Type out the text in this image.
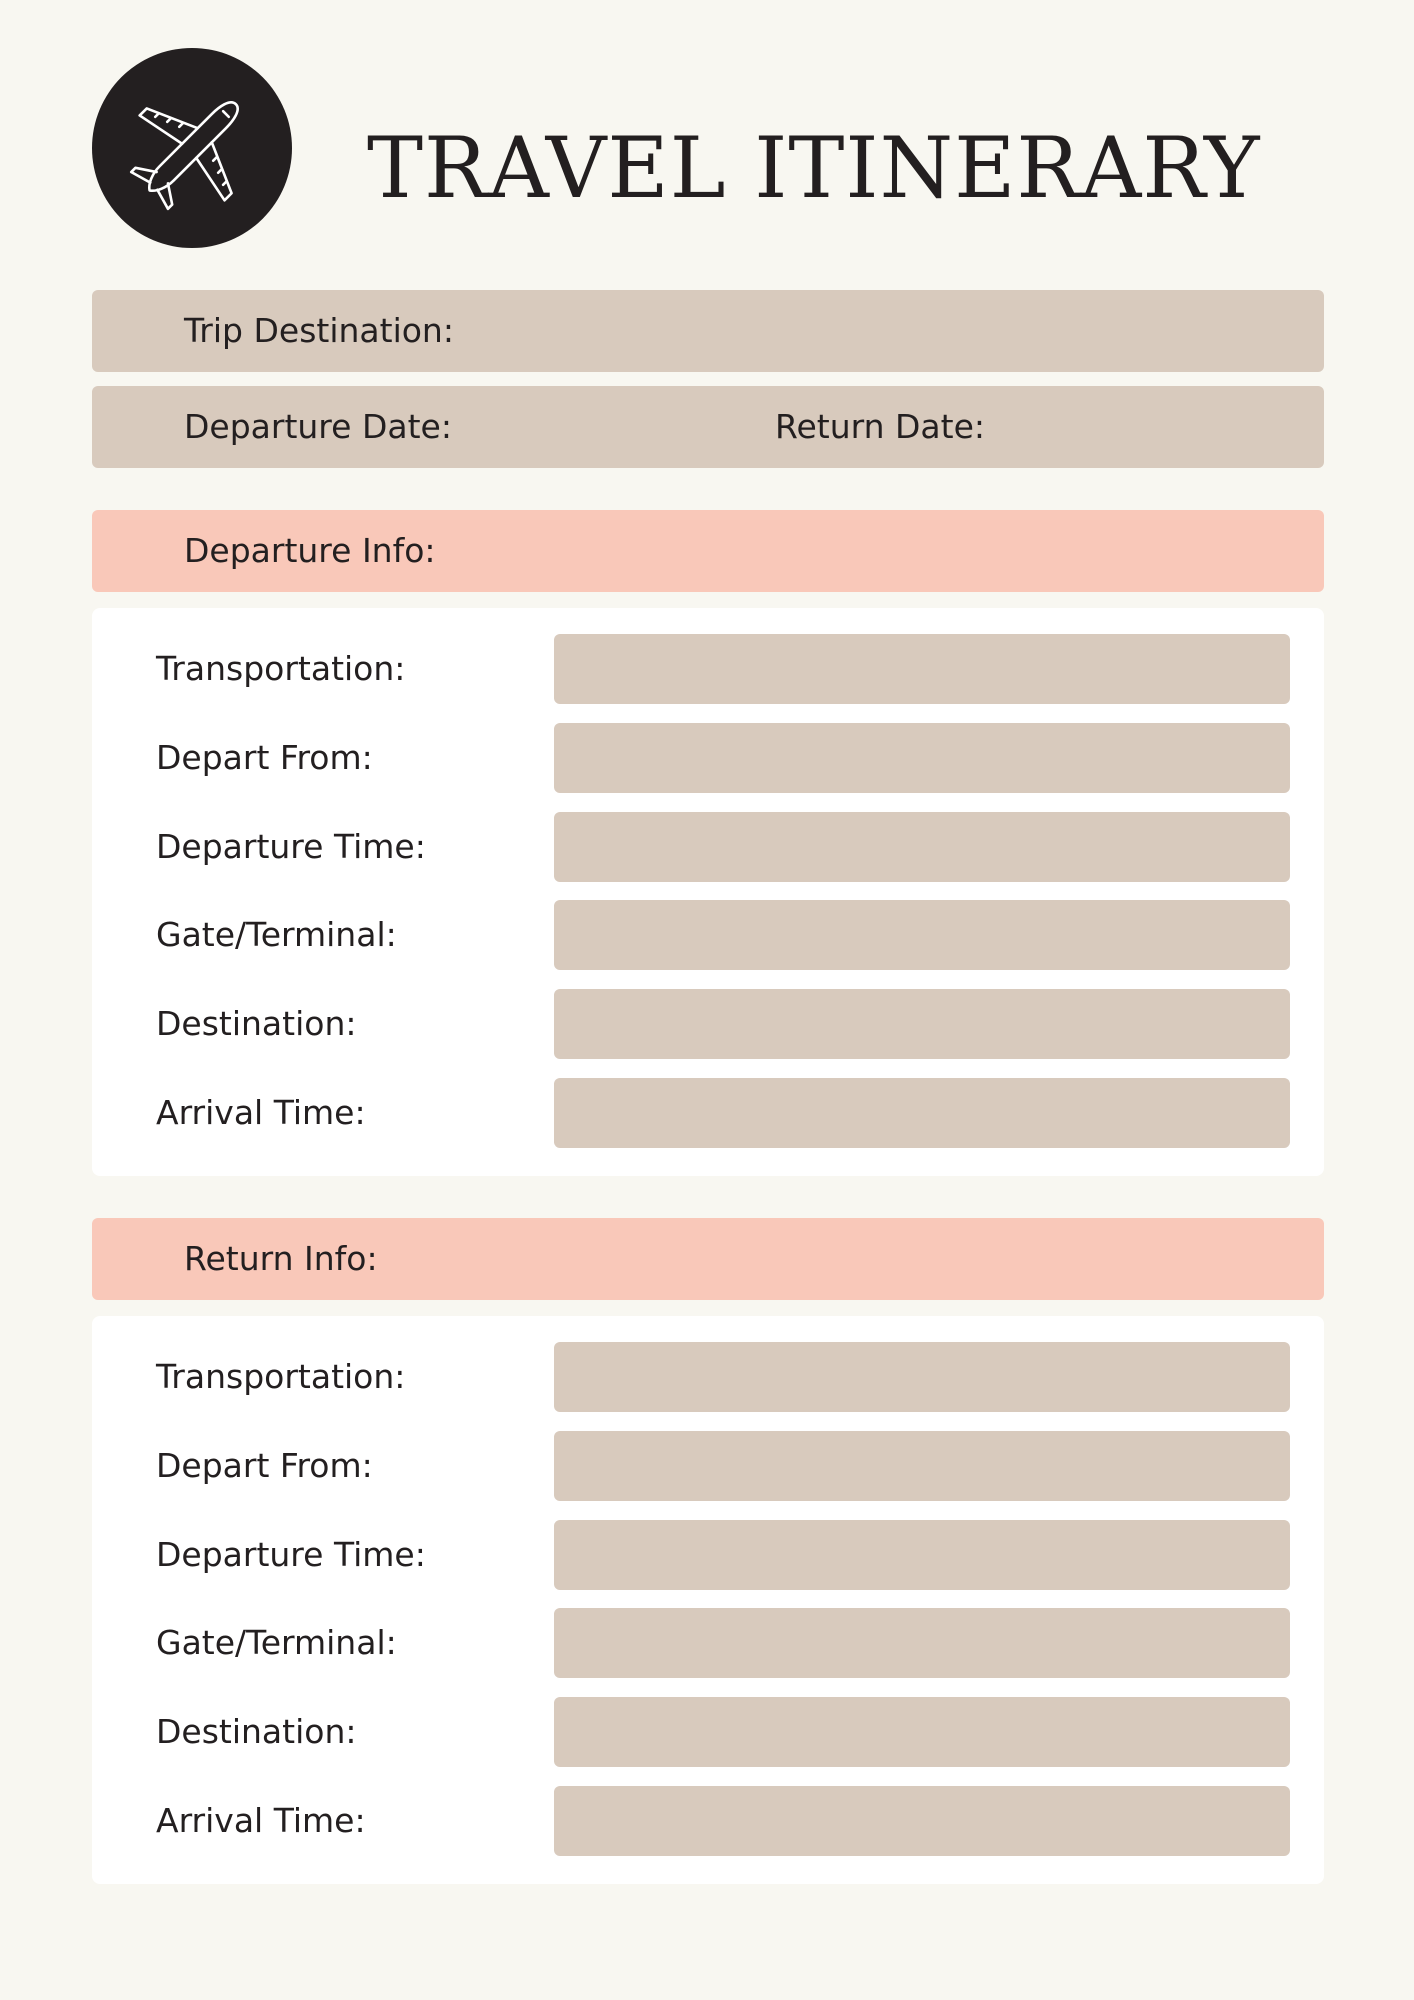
TRAVEL ITINERARY
Trip Destination:
Departure Date:	Return Date:
Departure Info:
Transportation:
Depart From:
Departure Time:
Gate/Terminal:
Destination:
Arrival Time:
Return Info:
Transportation:
Depart From:
Departure Time:
Gate/Terminal:
Destination:
Arrival Time:
